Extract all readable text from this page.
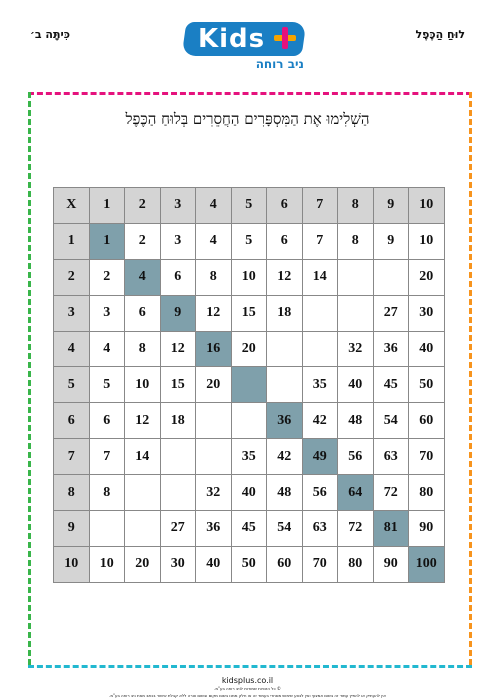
כִּיתָּה ב׳	לוּחַ הַכֶּפֶל
Kids
ניב רוחה
הַשְׁלִימוּ אֶת הַמִּסְפָּרִים הַחֲסֵרִים בְּלוּחַ הַכֶּפֶל
X	1	2	3	4	5	6	7	8	9	10
1	1	2	3	4	5	6	7	8	9	10
2	2	4	6	8	10	12	14			20
3	3	6	9	12	15	18			27	30
4	4	8	12	16	20			32	36	40
5	5	10	15	20			35	40	45	50
6	6	12	18			36	42	48	54	60
7	7	14			35	42	49	56	63	70
8	8			32	40	48	56	64	72	80
9			27	36	45	54	63	72	81	90
10	10	20	30	40	50	60	70	80	90	100
kidsplus.co.il
© כל הזכויות שמורות לניב רוחה בע"מ.
אין להעתיק או להפיץ עמוד זה בשום אמצעי ואין לבצע שימוש מסחרי בעמוד זה או חלק ממנו בשום מקום ובשום צורה ללא קבלת אישור בכתב מאת ניב רוחה בע"מ.
